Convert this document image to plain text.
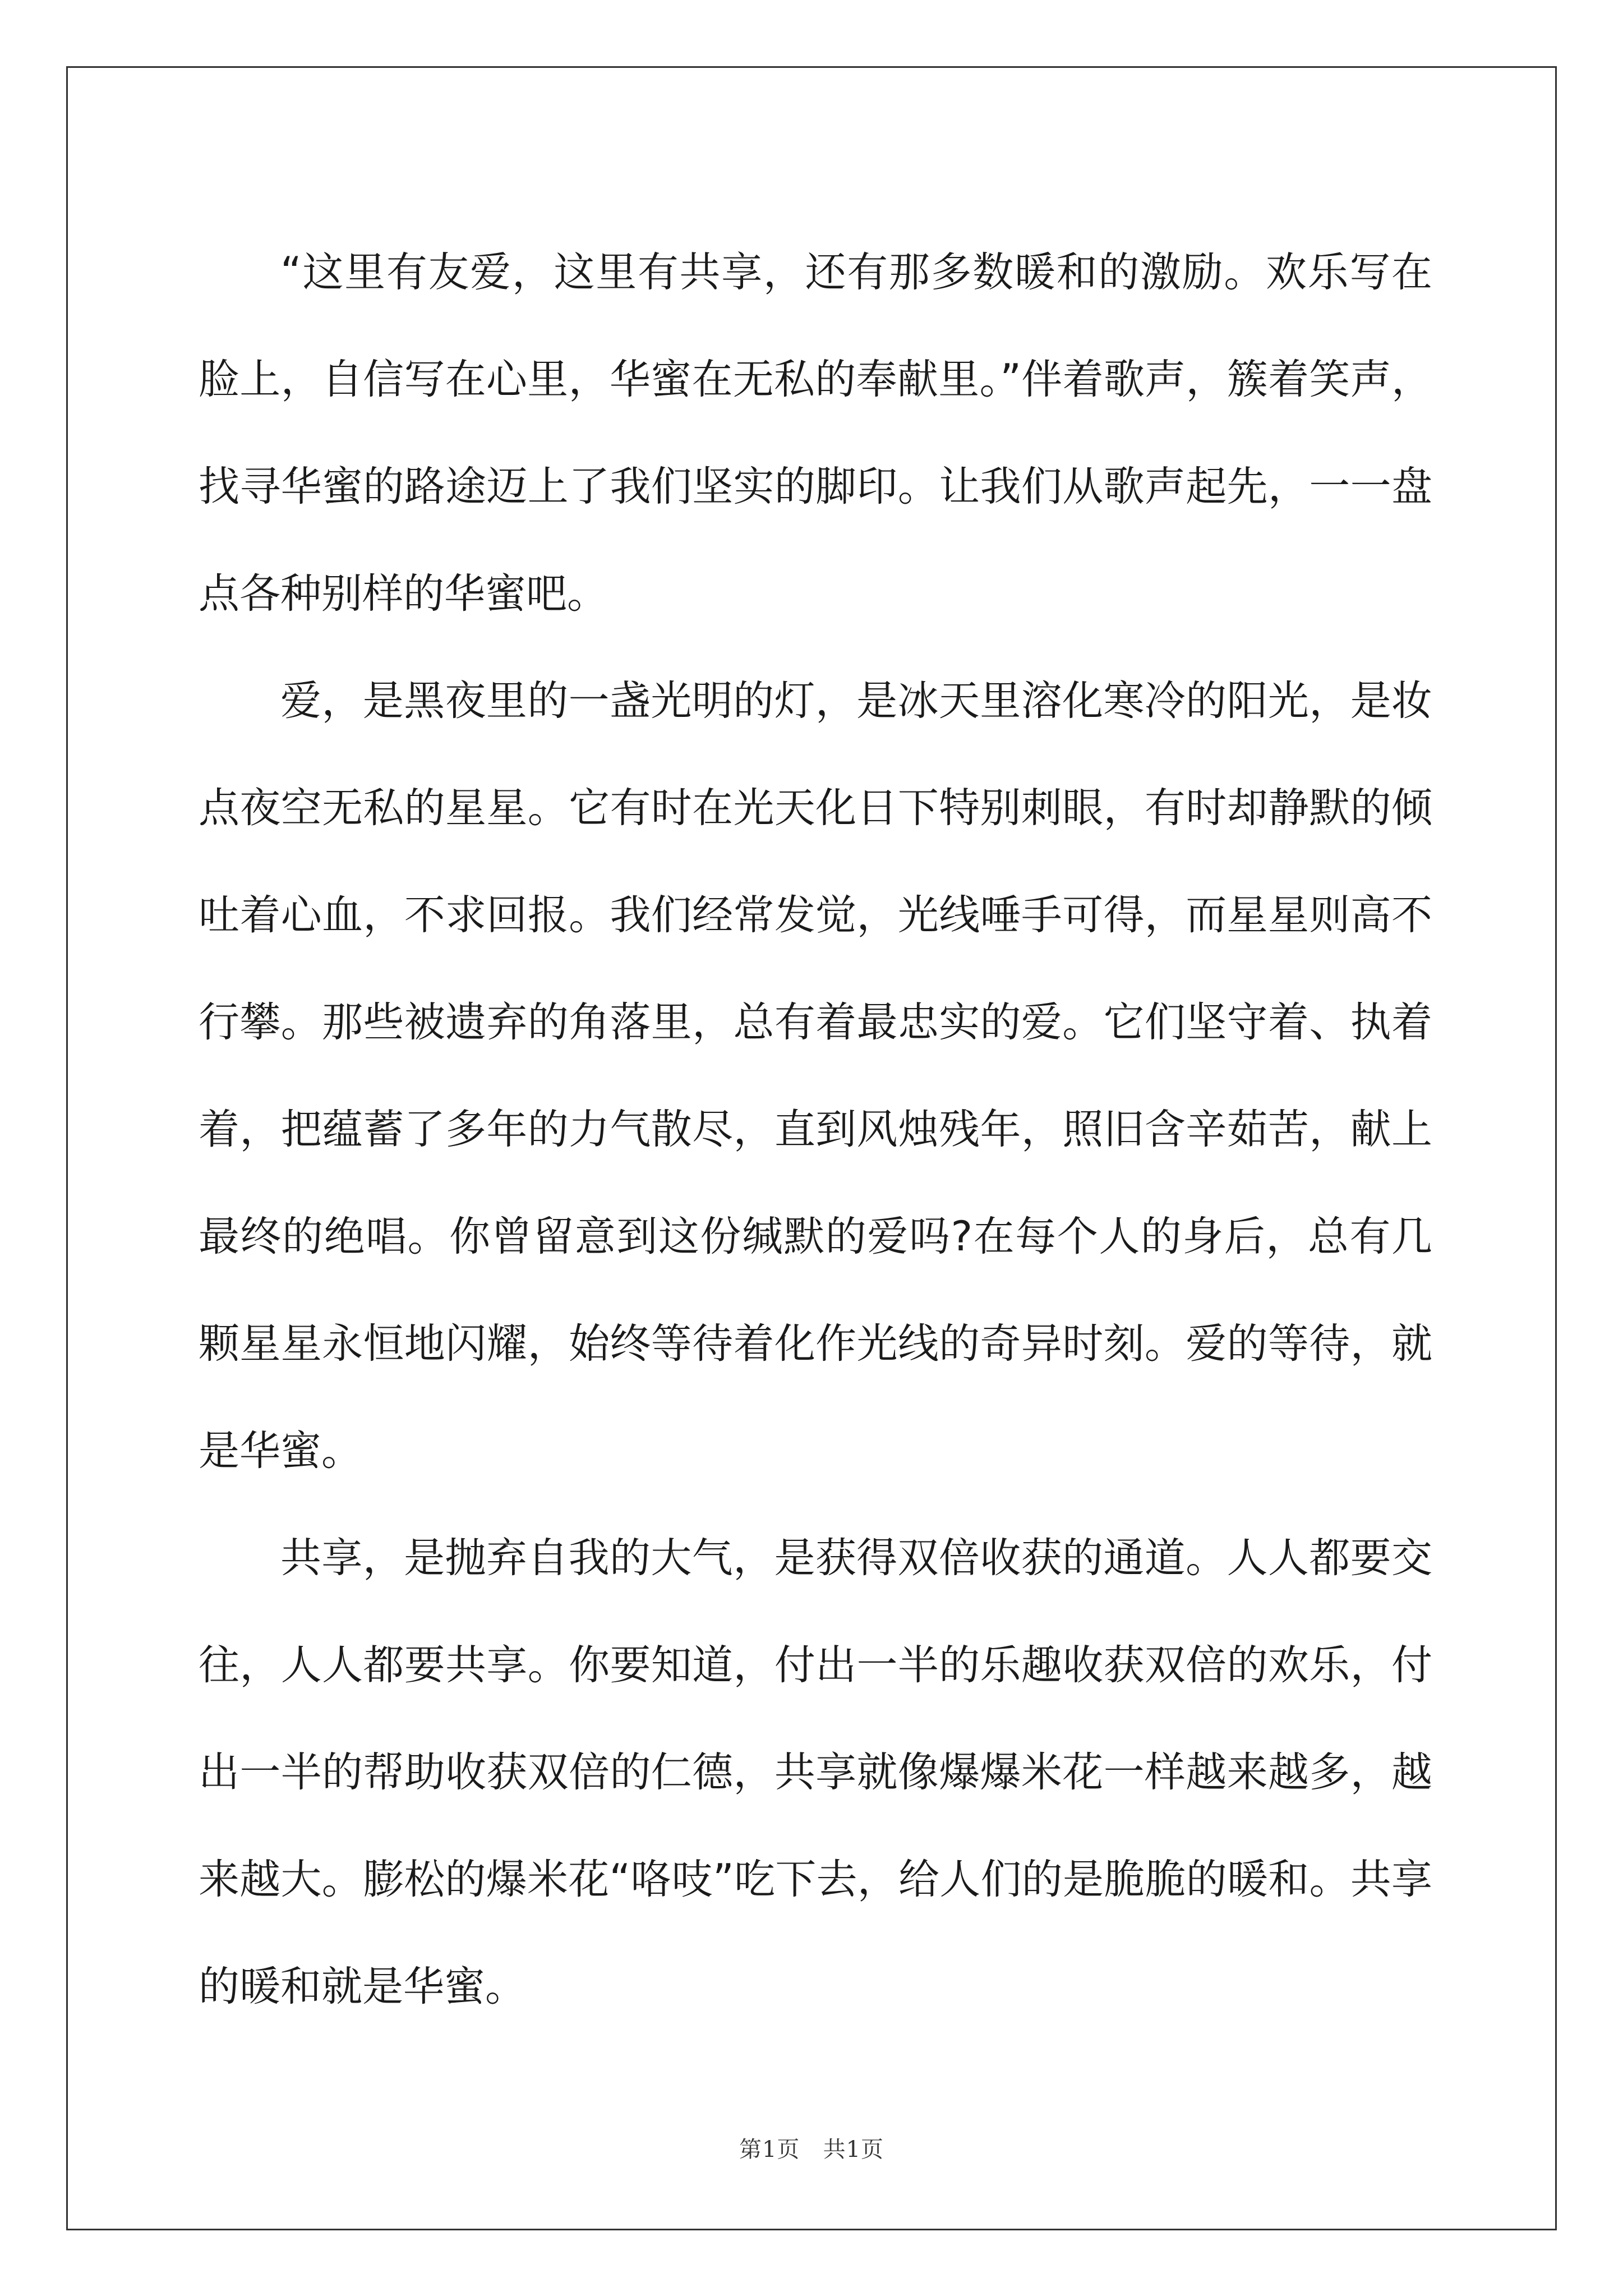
“这里有友爱，这里有共享，还有那多数暖和的激励。欢乐写在脸上，自信写在心里，华蜜在无私的奉献里。”伴着歌声，簇着笑声，找寻华蜜的路途迈上了我们坚实的脚印。让我们从歌声起先，一一盘点各种别样的华蜜吧。

爱，是黑夜里的一盏光明的灯，是冰天里溶化寒冷的阳光，是妆点夜空无私的星星。它有时在光天化日下特别刺眼，有时却静默的倾吐着心血，不求回报。我们经常发觉，光线唾手可得，而星星则高不行攀。那些被遗弃的角落里，总有着最忠实的爱。它们坚守着、执着着，把蕴蓄了多年的力气散尽，直到风烛残年，照旧含辛茹苦，献上最终的绝唱。你曾留意到这份缄默的爱吗?在每个人的身后，总有几颗星星永恒地闪耀，始终等待着化作光线的奇异时刻。爱的等待，就是华蜜。

共享，是抛弃自我的大气，是获得双倍收获的通道。人人都要交往，人人都要共享。你要知道，付出一半的乐趣收获双倍的欢乐，付出一半的帮助收获双倍的仁德，共享就像爆爆米花一样越来越多，越来越大。膨松的爆米花“咯吱”吃下去，给人们的是脆脆的暖和。共享的暖和就是华蜜。

第1页 共1页
